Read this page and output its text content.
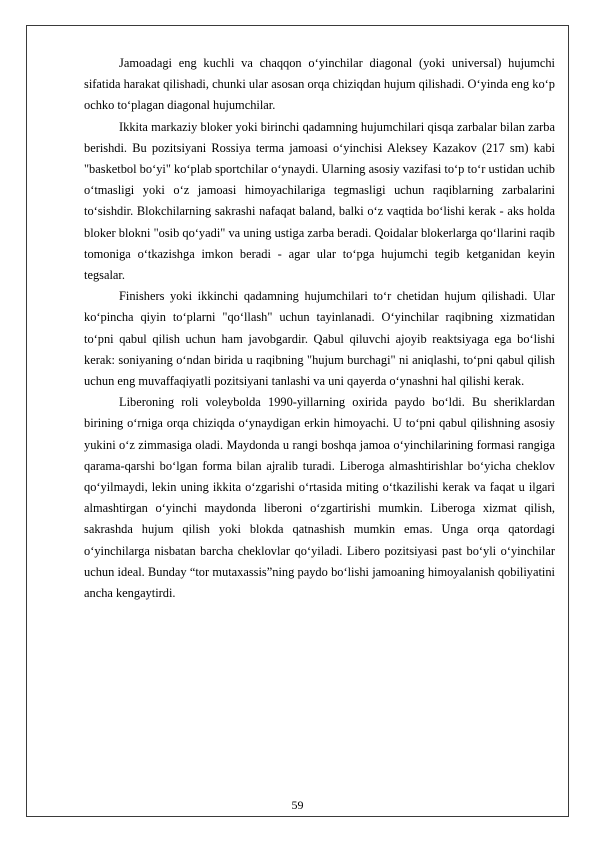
Jamoadagi eng kuchli va chaqqon o‘yinchilar diagonal (yoki universal) hujumchi sifatida harakat qilishadi, chunki ular asosan orqa chiziqdan hujum qilishadi. O‘yinda eng ko‘p ochko to‘plagan diagonal hujumchilar.

Ikkita markaziy bloker yoki birinchi qadamning hujumchilari qisqa zarbalar bilan zarba berishdi. Bu pozitsiyani Rossiya terma jamoasi o‘yinchisi Aleksey Kazakov (217 sm) kabi "basketbol bo‘yi" ko‘plab sportchilar o‘ynaydi. Ularning asosiy vazifasi to‘p to‘r ustidan uchib o‘tmasligi yoki o‘z jamoasi himoyachilariga tegmasligi uchun raqiblarning zarbalarini to‘sishdir. Blokchilarning sakrashi nafaqat baland, balki o‘z vaqtida bo‘lishi kerak - aks holda bloker blokni "osib qo‘yadi" va uning ustiga zarba beradi. Qoidalar blokerlarga qo‘llarini raqib tomoniga o‘tkazishga imkon beradi - agar ular to‘pga hujumchi tegib ketganidan keyin tegsalar.

Finishers yoki ikkinchi qadamning hujumchilari to‘r chetidan hujum qilishadi. Ular ko‘pincha qiyin to‘plarni "qo‘llash" uchun tayinlanadi. O‘yinchilar raqibning xizmatidan to‘pni qabul qilish uchun ham javobgardir. Qabul qiluvchi ajoyib reaktsiyaga ega bo‘lishi kerak: soniyaning o‘ndan birida u raqibning "hujum burchagi" ni aniqlashi, to‘pni qabul qilish uchun eng muvaffaqiyatli pozitsiyani tanlashi va uni qayerda o‘ynashni hal qilishi kerak.

Liberoning roli voleybolda 1990-yillarning oxirida paydo bo‘ldi. Bu sheriklardan birining o‘rniga orqa chiziqda o‘ynaydigan erkin himoyachi. U to‘pni qabul qilishning asosiy yukini o‘z zimmasiga oladi. Maydonda u rangi boshqa jamoa o‘yinchilarining formasi rangiga qarama-qarshi bo‘lgan forma bilan ajralib turadi. Liberoga almashtirishlar bo‘yicha cheklov qo‘yilmaydi, lekin uning ikkita o‘zgarishi o‘rtasida miting o‘tkazilishi kerak va faqat u ilgari almashtirgan o‘yinchi maydonda liberoni o‘zgartirishi mumkin. Liberoga xizmat qilish, sakrashda hujum qilish yoki blokda qatnashish mumkin emas. Unga orqa qatordagi o‘yinchilarga nisbatan barcha cheklovlar qo‘yiladi. Libero pozitsiyasi past bo‘yli o‘yinchilar uchun ideal. Bunday “tor mutaxassis”ning paydo bo‘lishi jamoaning himoyalanish qobiliyatini ancha kengaytirdi.

59
